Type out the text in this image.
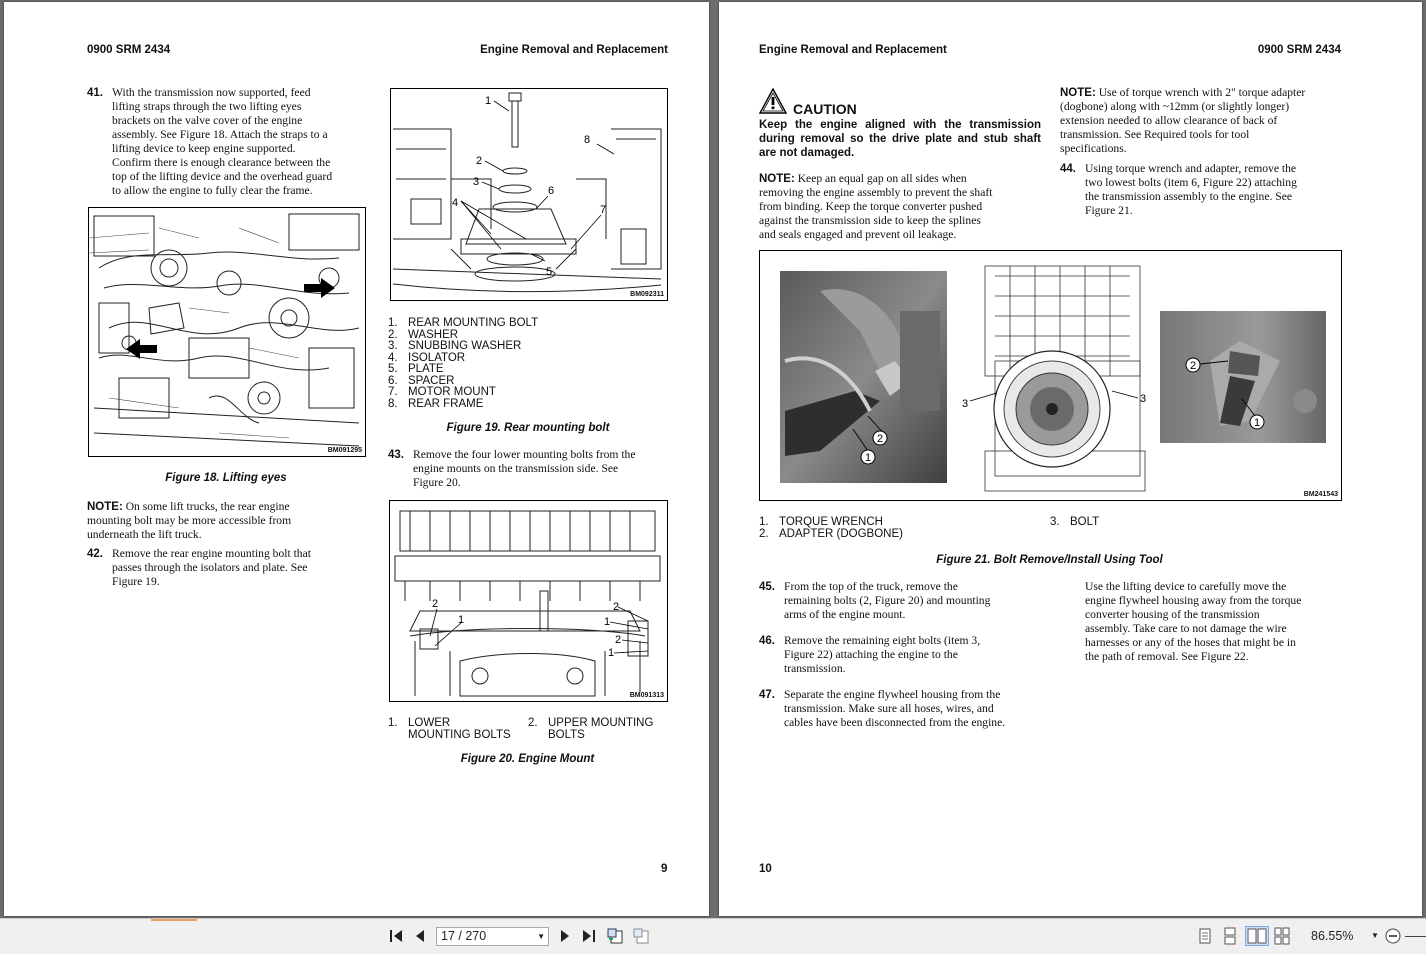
0900 SRM 2434	Engine Removal and Replacement
41. With the transmission now supported, feed
lifting straps through the two lifting eyes
brackets on the valve cover of the engine
assembly. See Figure 18. Attach the straps to a
lifting device to keep engine supported.
Confirm there is enough clearance between the
top of the lifting device and the overhead guard
to allow the engine to fully clear the frame.
BM091295
Figure 18. Lifting eyes
NOTE: On some lift trucks, the rear engine
mounting bolt may be more accessible from
underneath the lift truck.
42. Remove the rear engine mounting bolt that
passes through the isolators and plate. See
Figure 19.
1
2
3
4
5
6
7
8
BM092311
1. REAR MOUNTING BOLT
2. WASHER
3. SNUBBING WASHER
4. ISOLATOR
5. PLATE
6. SPACER
7. MOTOR MOUNT
8. REAR FRAME
Figure 19. Rear mounting bolt
43. Remove the four lower mounting bolts from the
engine mounts on the transmission side. See
Figure 20.
2
1
2
1
2
1
BM091313
1. LOWER
MOUNTING BOLTS
2. UPPER MOUNTING
BOLTS
Figure 20. Engine Mount
9
Engine Removal and Replacement	0900 SRM 2434
CAUTION
Keep the engine aligned with the transmission
during removal so the drive plate and stub shaft
are not damaged.
NOTE: Keep an equal gap on all sides when
removing the engine assembly to prevent the shaft
from binding. Keep the torque converter pushed
against the transmission side to keep the splines
and seals engaged and prevent oil leakage.
NOTE: Use of torque wrench with 2" torque adapter
(dogbone) along with ~12mm (or slightly longer)
extension needed to allow clearance of back of
transmission. See Required tools for tool
specifications.
44. Using torque wrench and adapter, remove the
two lowest bolts (item 6, Figure 22) attaching
the transmission assembly to the engine. See
Figure 21.
2
1
3	3
2
1
BM241543
1. TORQUE WRENCH
2. ADAPTER (DOGBONE)
3. BOLT
Figure 21. Bolt Remove/Install Using Tool
45. From the top of the truck, remove the
remaining bolts (2, Figure 20) and mounting
arms of the engine mount.
46. Remove the remaining eight bolts (item 3,
Figure 22) attaching the engine to the
transmission.
47. Separate the engine flywheel housing from the
transmission. Make sure all hoses, wires, and
cables have been disconnected from the engine.
Use the lifting device to carefully move the
engine flywheel housing away from the torque
converter housing of the transmission
assembly. Take care to not damage the wire
harnesses or any of the hoses that might be in
the path of removal. See Figure 22.
10
17 / 270	▼	86.55% ▼
